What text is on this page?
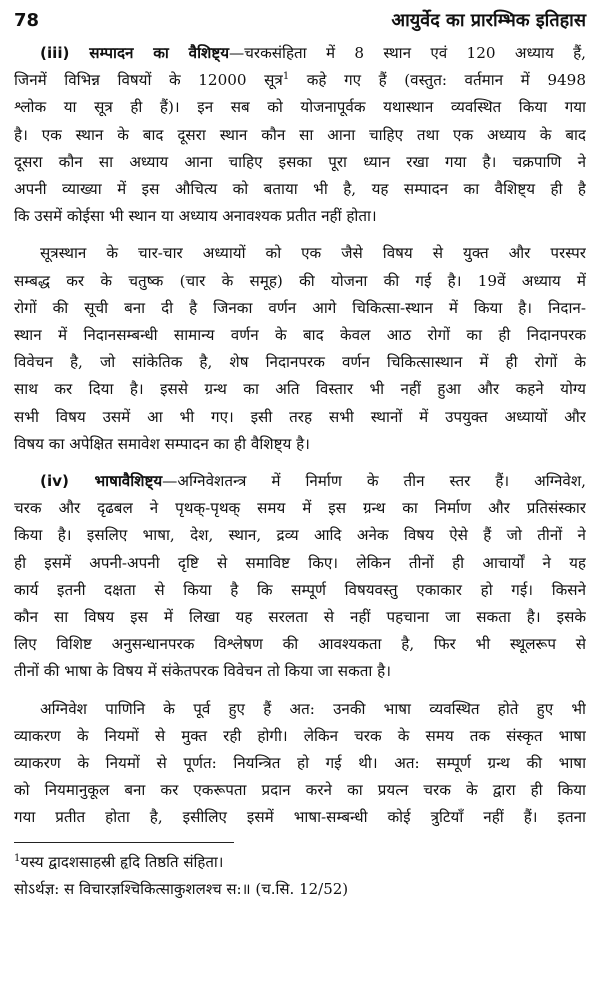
78	आयुर्वेद का प्रारम्भिक इतिहास
(iii) सम्पादन का वैशिष्ट्य—चरकसंहिता में 8 स्थान एवं 120 अध्याय हैं,
जिनमें विभिन्न विषयों के 12000 सूत्र$^1$ कहे गए हैं (वस्तुत: वर्तमान में 9498
श्लोक या सूत्र ही हैं)। इन सब को योजनापूर्वक यथास्थान व्यवस्थित किया गया
है। एक स्थान के बाद दूसरा स्थान कौन सा आना चाहिए तथा एक अध्याय के बाद
दूसरा कौन सा अध्याय आना चाहिए इसका पूरा ध्यान रखा गया है। चक्रपाणि ने
अपनी व्याख्या में इस औचित्य को बताया भी है, यह सम्पादन का वैशिष्ट्य ही है
कि उसमें कोईसा भी स्थान या अध्याय अनावश्यक प्रतीत नहीं होता।
सूत्रस्थान के चार-चार अध्यायों को एक जैसे विषय से युक्त और परस्पर
सम्बद्ध कर के चतुष्क (चार के समूह) की योजना की गई है। 19वें अध्याय में
रोगों की सूची बना दी है जिनका वर्णन आगे चिकित्सा-स्थान में किया है। निदान-
स्थान में निदानसम्बन्धी सामान्य वर्णन के बाद केवल आठ रोगों का ही निदानपरक
विवेचन है, जो सांकेतिक है, शेष निदानपरक वर्णन चिकित्सास्थान में ही रोगों के
साथ कर दिया है। इससे ग्रन्थ का अति विस्तार भी नहीं हुआ और कहने योग्य
सभी विषय उसमें आ भी गए। इसी तरह सभी स्थानों में उपयुक्त अध्यायों और
विषय का अपेक्षित समावेश सम्पादन का ही वैशिष्ट्य है।
(iv) भाषावैशिष्ट्य—अग्निवेशतन्त्र में निर्माण के तीन स्तर हैं। अग्निवेश,
चरक और दृढबल ने पृथक्-पृथक् समय में इस ग्रन्थ का निर्माण और प्रतिसंस्कार
किया है। इसलिए भाषा, देश, स्थान, द्रव्य आदि अनेक विषय ऐसे हैं जो तीनों ने
ही इसमें अपनी-अपनी दृष्टि से समाविष्ट किए। लेकिन तीनों ही आचार्यों ने यह
कार्य इतनी दक्षता से किया है कि सम्पूर्ण विषयवस्तु एकाकार हो गई। किसने
कौन सा विषय इस में लिखा यह सरलता से नहीं पहचाना जा सकता है। इसके
लिए विशिष्ट अनुसन्धानपरक विश्लेषण की आवश्यकता है, फिर भी स्थूलरूप से
तीनों की भाषा के विषय में संकेतपरक विवेचन तो किया जा सकता है।
अग्निवेश पाणिनि के पूर्व हुए हैं अत: उनकी भाषा व्यवस्थित होते हुए भी
व्याकरण के नियमों से मुक्त रही होगी। लेकिन चरक के समय तक संस्कृत भाषा
व्याकरण के नियमों से पूर्णत: नियन्त्रित हो गई थी। अत: सम्पूर्ण ग्रन्थ की भाषा
को नियमानुकूल बना कर एकरूपता प्रदान करने का प्रयत्न चरक के द्वारा ही किया
गया प्रतीत होता है, इसीलिए इसमें भाषा-सम्बन्धी कोई त्रुटियाँ नहीं हैं। इतना
$^1$यस्य द्वादशसाहस्री हृदि तिष्ठति संहिता।
सोऽर्थज्ञ: स विचारज्ञश्चिकित्साकुशलश्च स:॥ (च.सि. 12/52)
